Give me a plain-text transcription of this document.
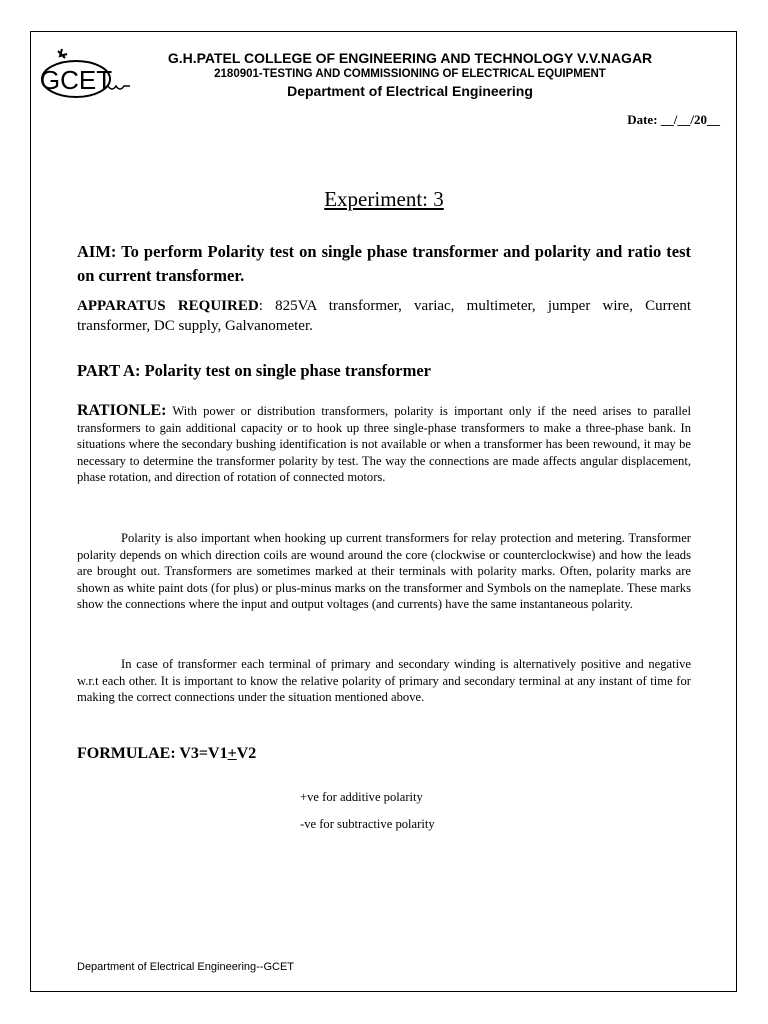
GCET
G.H.PATEL COLLEGE OF ENGINEERING AND TECHNOLOGY V.V.NAGAR
2180901-TESTING AND COMMISSIONING OF ELECTRICAL EQUIPMENT
Department of Electrical Engineering
Date: __/__/20__
Experiment: 3
AIM: To perform Polarity test on single phase transformer and polarity and ratio test on current transformer.
APPARATUS REQUIRED: 825VA transformer, variac, multimeter, jumper wire, Current transformer, DC supply, Galvanometer.
PART A: Polarity test on single phase transformer
RATIONLE: With power or distribution transformers, polarity is important only if the need arises to parallel transformers to gain additional capacity or to hook up three single-phase transformers to make a three-phase bank. In situations where the secondary bushing identification is not available or when a transformer has been rewound, it may be necessary to determine the transformer polarity by test. The way the connections are made affects angular displacement, phase rotation, and direction of rotation of connected motors.
Polarity is also important when hooking up current transformers for relay protection and metering. Transformer polarity depends on which direction coils are wound around the core (clockwise or counterclockwise) and how the leads are brought out. Transformers are sometimes marked at their terminals with polarity marks. Often, polarity marks are shown as white paint dots (for plus) or plus-minus marks on the transformer and Symbols on the nameplate. These marks show the connections where the input and output voltages (and currents) have the same instantaneous polarity.
In case of transformer each terminal of primary and secondary winding is alternatively positive and negative w.r.t each other. It is important to know the relative polarity of primary and secondary terminal at any instant of time for making the correct connections under the situation mentioned above.
FORMULAE: V3=V1+V2
+ve for additive polarity
-ve for subtractive polarity
Department of Electrical Engineering--GCET
